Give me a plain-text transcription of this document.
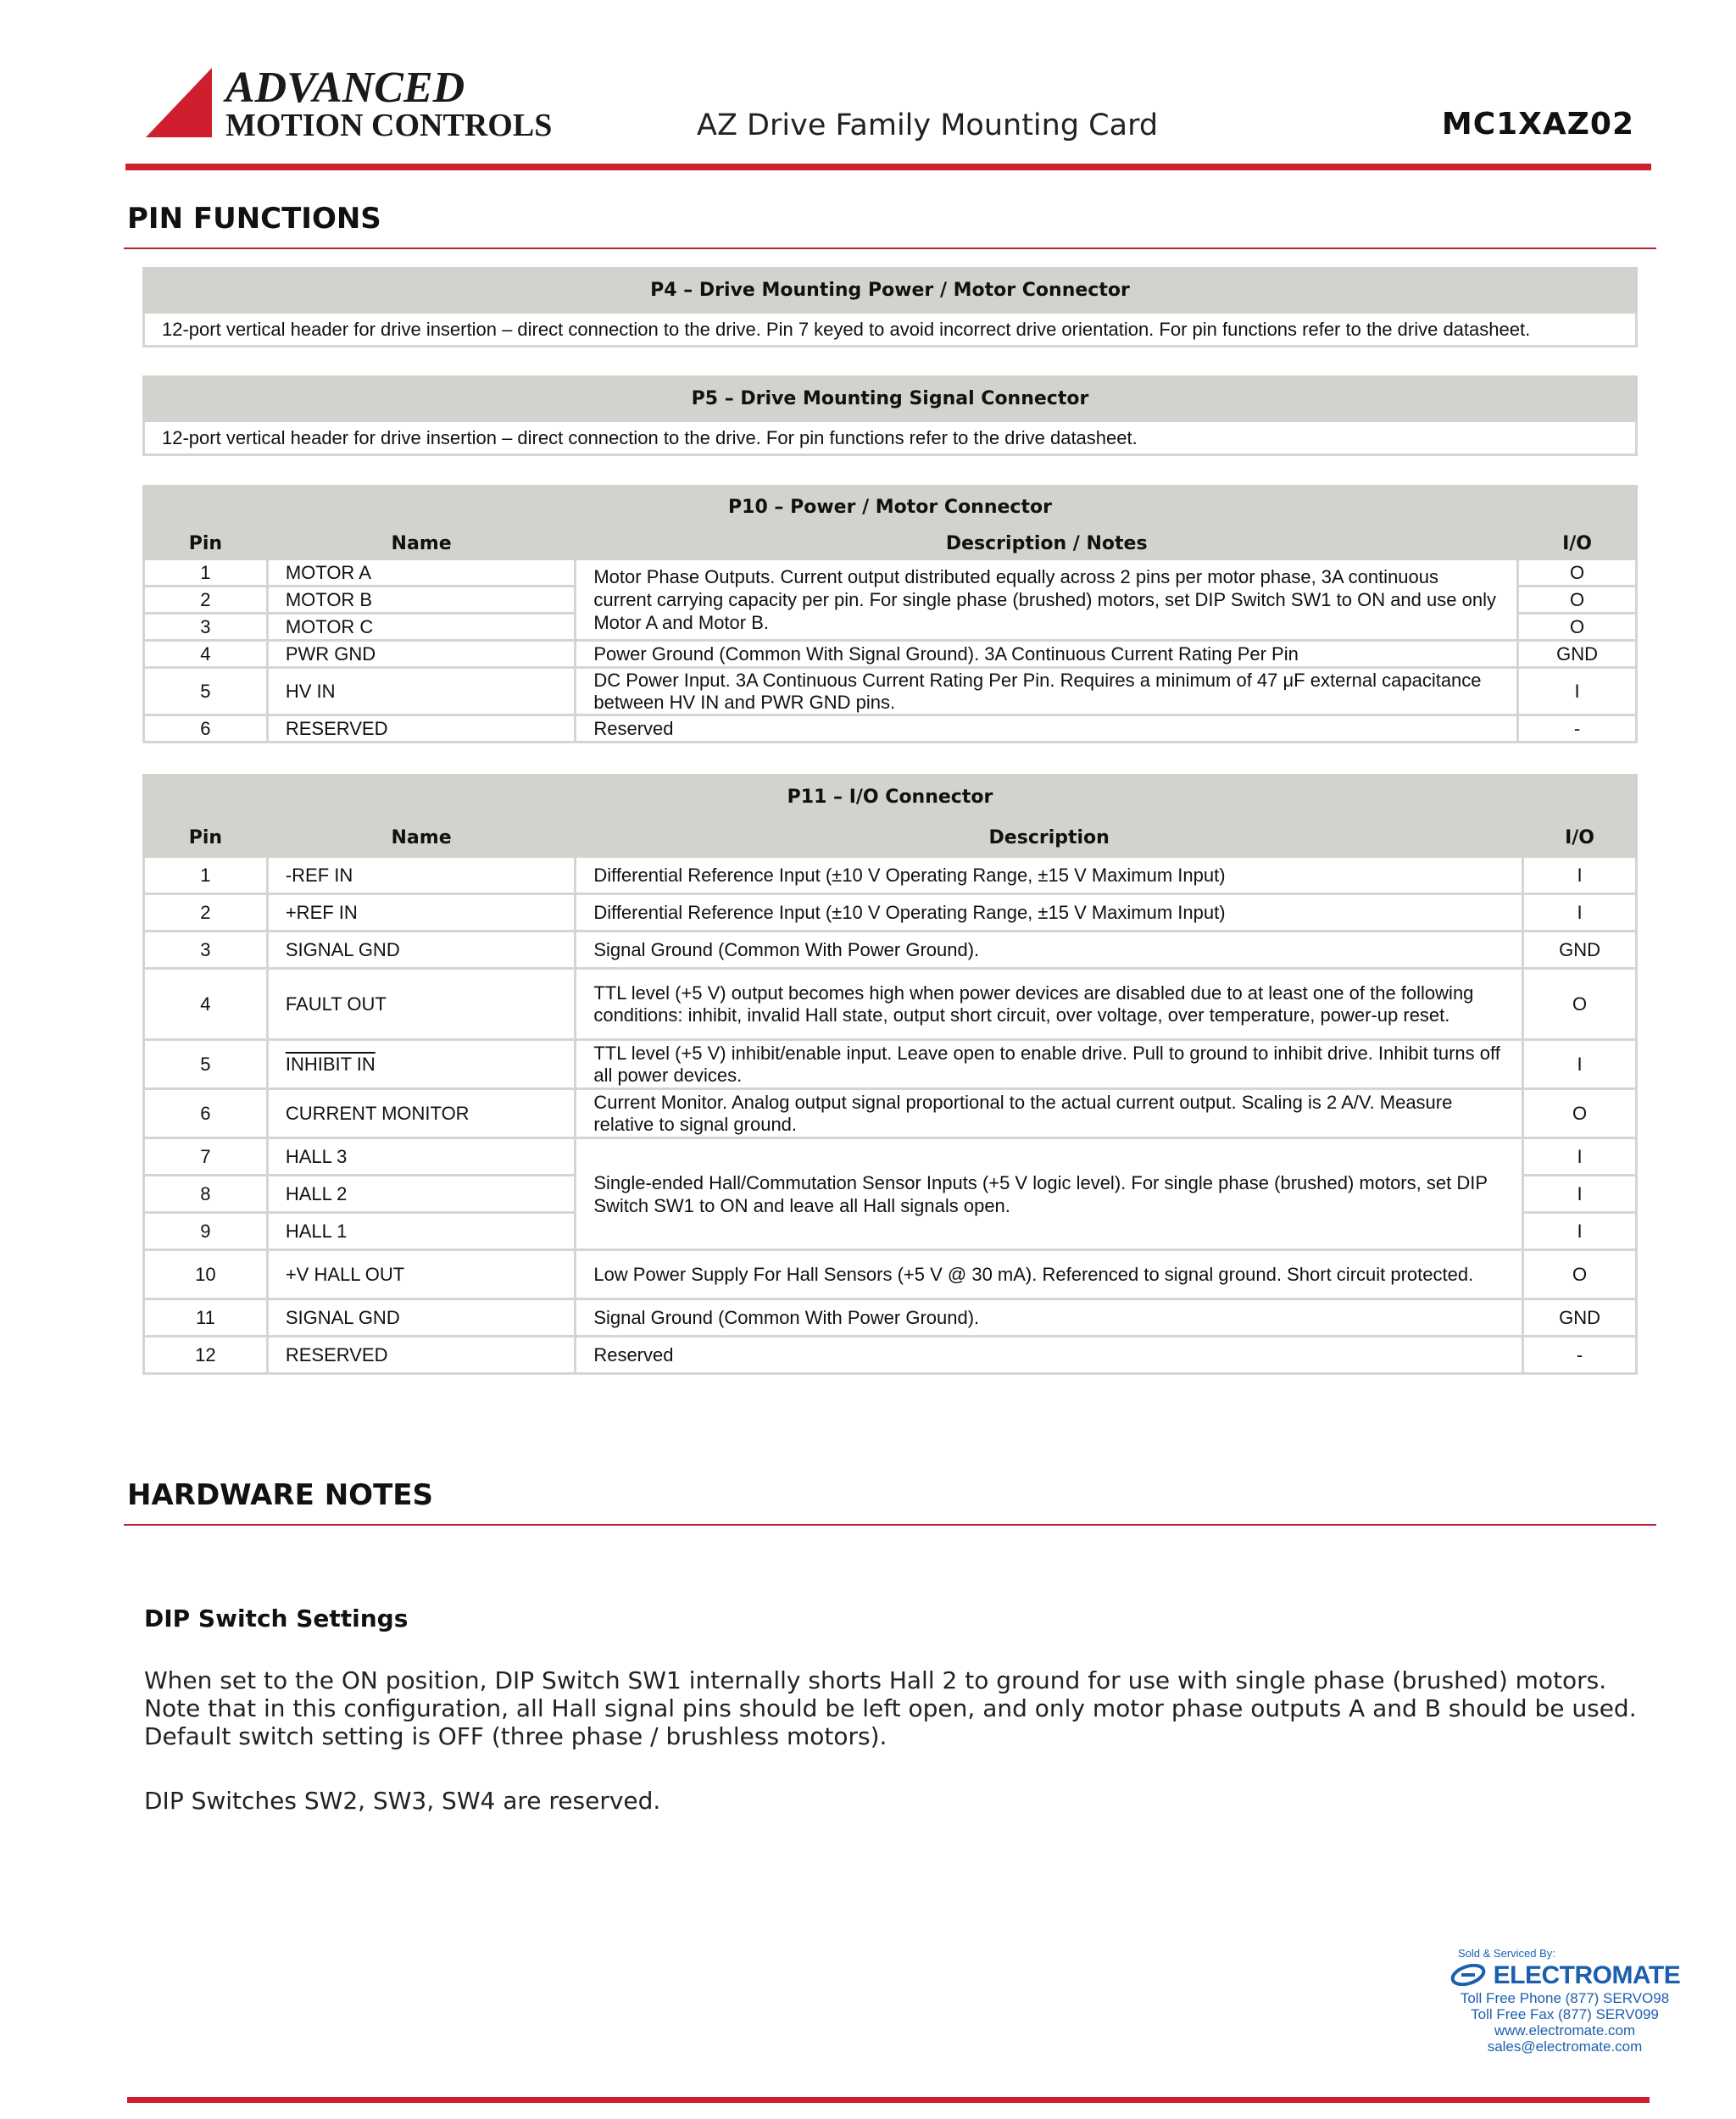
ADVANCED
MOTION CONTROLS	AZ Drive Family Mounting Card	MC1XAZ02
PIN FUNCTIONS
P4 – Drive Mounting Power / Motor Connector
12-port vertical header for drive insertion – direct connection to the drive. Pin 7 keyed to avoid incorrect drive orientation. For pin functions refer to the drive datasheet.
P5 – Drive Mounting Signal Connector
12-port vertical header for drive insertion – direct connection to the drive. For pin functions refer to the drive datasheet.
P10 – Power / Motor Connector			
Pin	Name	Description / Notes	I/O
1	MOTOR A	Motor Phase Outputs. Current output distributed equally across 2 pins per motor phase, 3A continuous current carrying capacity per pin. For single phase (brushed) motors, set DIP Switch SW1 to ON and use only Motor A and Motor B.	O
2	MOTOR B		O
3	MOTOR C		O
4	PWR GND	Power Ground (Common With Signal Ground). 3A Continuous Current Rating Per Pin	GND
5	HV IN	DC Power Input. 3A Continuous Current Rating Per Pin. Requires a minimum of 47 μF external capacitance between HV IN and PWR GND pins.	I
6	RESERVED	Reserved	-
P11 – I/O Connector			
Pin	Name	Description	I/O
1	-REF IN	Differential Reference Input (±10 V Operating Range, ±15 V Maximum Input)	I
2	+REF IN	Differential Reference Input (±10 V Operating Range, ±15 V Maximum Input)	I
3	SIGNAL GND	Signal Ground (Common With Power Ground).	GND
4	FAULT OUT	TTL level (+5 V) output becomes high when power devices are disabled due to at least one of the following conditions: inhibit, invalid Hall state, output short circuit, over voltage, over temperature, power-up reset.	O
5	INHIBIT IN	TTL level (+5 V) inhibit/enable input. Leave open to enable drive. Pull to ground to inhibit drive. Inhibit turns off all power devices.	I
6	CURRENT MONITOR	Current Monitor. Analog output signal proportional to the actual current output. Scaling is 2 A/V. Measure relative to signal ground.	O
7	HALL 3	Single-ended Hall/Commutation Sensor Inputs (+5 V logic level). For single phase (brushed) motors, set DIP Switch SW1 to ON and leave all Hall signals open.	I
8	HALL 2		I
9	HALL 1		I
10	+V HALL OUT	Low Power Supply For Hall Sensors (+5 V @ 30 mA). Referenced to signal ground. Short circuit protected.	O
11	SIGNAL GND	Signal Ground (Common With Power Ground).	GND
12	RESERVED	Reserved	-
HARDWARE NOTES
DIP Switch Settings
When set to the ON position, DIP Switch SW1 internally shorts Hall 2 to ground for use with single phase (brushed) motors. Note that in this configuration, all Hall signal pins should be left open, and only motor phase outputs A and B should be used. Default switch setting is OFF (three phase / brushless motors).
DIP Switches SW2, SW3, SW4 are reserved.
Sold & Serviced By:
ELECTROMATE
Toll Free Phone (877) SERVO98
Toll Free Fax (877) SERV099
www.electromate.com
sales@electromate.com
